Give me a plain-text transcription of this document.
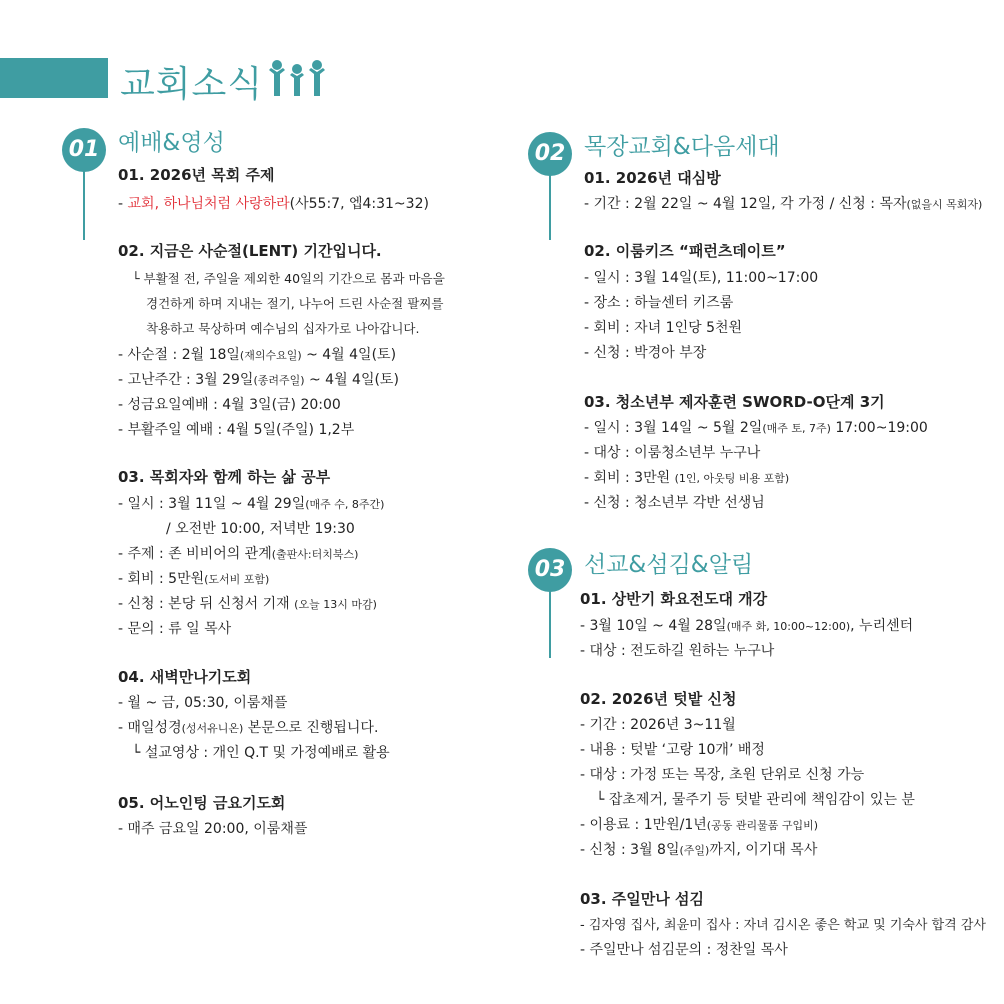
교회소식
01 예배&영성
01. 2026년 목회 주제
- 교회, 하나님처럼 사랑하라(사55:7, 엡4:31~32)
02. 지금은 사순절(LENT) 기간입니다.
└ 부활절 전, 주일을 제외한 40일의 기간으로 몸과 마음을
경건하게 하며 지내는 절기, 나누어 드린 사순절 팔찌를
착용하고 묵상하며 예수님의 십자가로 나아갑니다.
- 사순절 : 2월 18일(재의수요일) ~ 4월 4일(토)
- 고난주간 : 3월 29일(종려주일) ~ 4월 4일(토)
- 성금요일예배 : 4월 3일(금) 20:00
- 부활주일 예배 : 4월 5일(주일) 1,2부
03. 목회자와 함께 하는 삶 공부
- 일시 : 3월 11일 ~ 4월 29일(매주 수, 8주간)
/ 오전반 10:00, 저녁반 19:30
- 주제 : 존 비비어의 관계(출판사:터치북스)
- 회비 : 5만원(도서비 포함)
- 신청 : 본당 뒤 신청서 기재 (오늘 13시 마감)
- 문의 : 류 일 목사
04. 새벽만나기도회
- 월 ~ 금, 05:30, 이룸채플
- 매일성경(성서유니온) 본문으로 진행됩니다.
└ 설교영상 : 개인 Q.T 및 가정예배로 활용
05. 어노인팅 금요기도회
- 매주 금요일 20:00, 이룸채플
02 목장교회&다음세대
01. 2026년 대심방
- 기간 : 2월 22일 ~ 4월 12일, 각 가정 / 신청 : 목자(없을시 목회자)
02. 이룸키즈 “패런츠데이트”
- 일시 : 3월 14일(토), 11:00~17:00
- 장소 : 하늘센터 키즈룸
- 회비 : 자녀 1인당 5천원
- 신청 : 박경아 부장
03. 청소년부 제자훈련 SWORD-O단계 3기
- 일시 : 3월 14일 ~ 5월 2일(매주 토, 7주) 17:00~19:00
- 대상 : 이룸청소년부 누구나
- 회비 : 3만원 (1인, 아웃팅 비용 포함)
- 신청 : 청소년부 각반 선생님
03 선교&섬김&알림
01. 상반기 화요전도대 개강
- 3월 10일 ~ 4월 28일(매주 화, 10:00~12:00), 누리센터
- 대상 : 전도하길 원하는 누구나
02. 2026년 텃밭 신청
- 기간 : 2026년 3~11월
- 내용 : 텃밭 ‘고랑 10개’ 배정
- 대상 : 가정 또는 목장, 초원 단위로 신청 가능
└ 잡초제거, 물주기 등 텃밭 관리에 책임감이 있는 분
- 이용료 : 1만원/1년(공동 관리물품 구입비)
- 신청 : 3월 8일(주일)까지, 이기대 목사
03. 주일만나 섬김
- 김자영 집사, 최윤미 집사 : 자녀 김시온 좋은 학교 및 기숙사 합격 감사
- 주일만나 섬김문의 : 정찬일 목사
